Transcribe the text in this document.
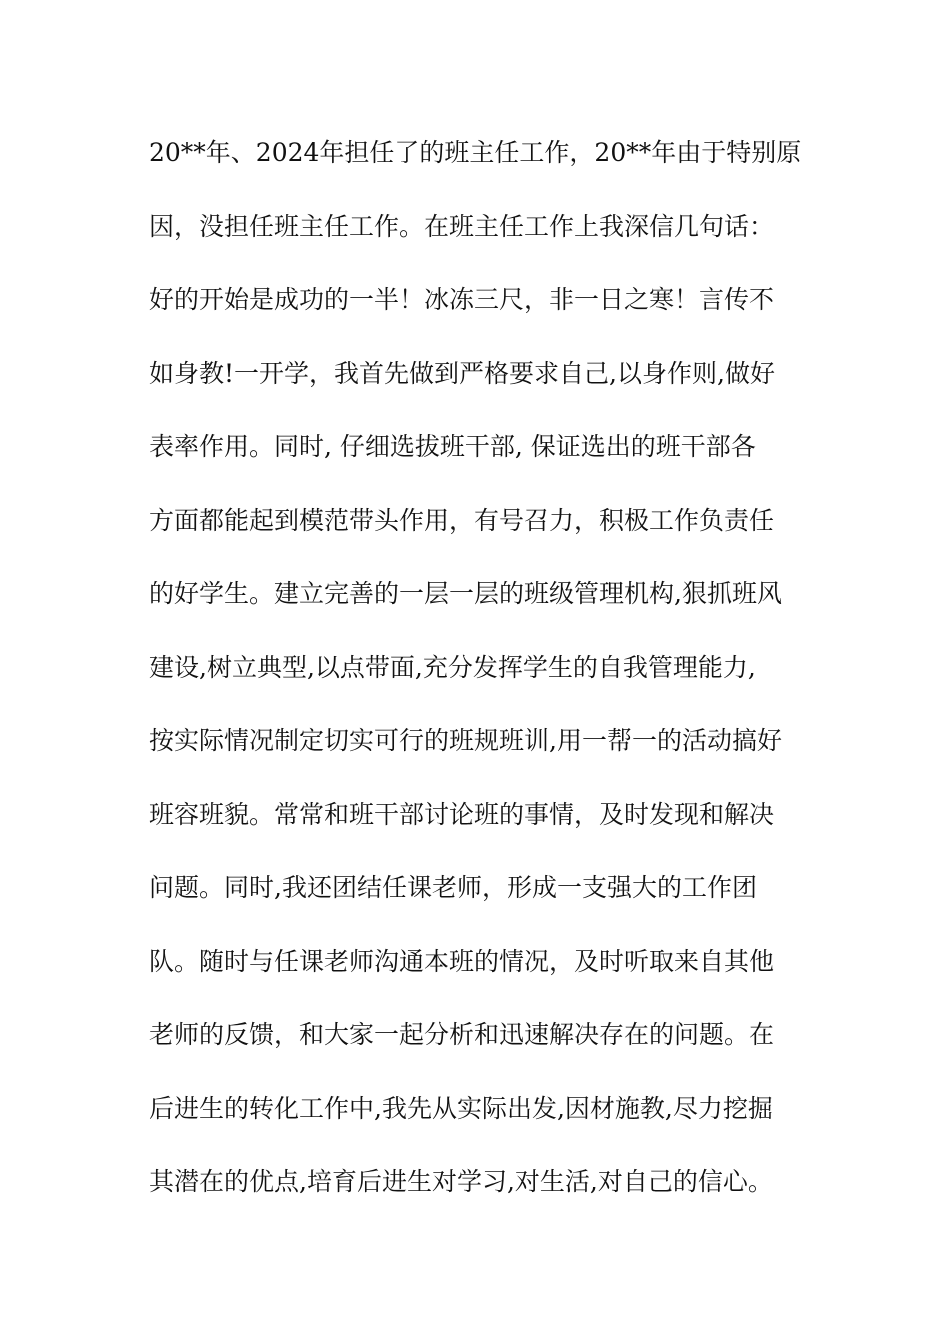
20**年、2024年担任了的班主任工作，20**年由于特别原
因，没担任班主任工作。在班主任工作上我深信几句话：
好的开始是成功的一半！冰冻三尺，非一日之寒！言传不
如身教!一开学，我首先做到严格要求自己,以身作则,做好
表率作用。同时, 仔细选拔班干部, 保证选出的班干部各
方面都能起到模范带头作用，有号召力，积极工作负责任
的好学生。建立完善的一层一层的班级管理机构,狠抓班风
建设,树立典型,以点带面,充分发挥学生的自我管理能力,
按实际情况制定切实可行的班规班训,用一帮一的活动搞好
班容班貌。常常和班干部讨论班的事情，及时发现和解决
问题。同时,我还团结任课老师，形成一支强大的工作团
队。随时与任课老师沟通本班的情况，及时听取来自其他
老师的反馈，和大家一起分析和迅速解决存在的问题。在
后进生的转化工作中,我先从实际出发,因材施教,尽力挖掘
其潜在的优点,培育后进生对学习,对生活,对自己的信心。
